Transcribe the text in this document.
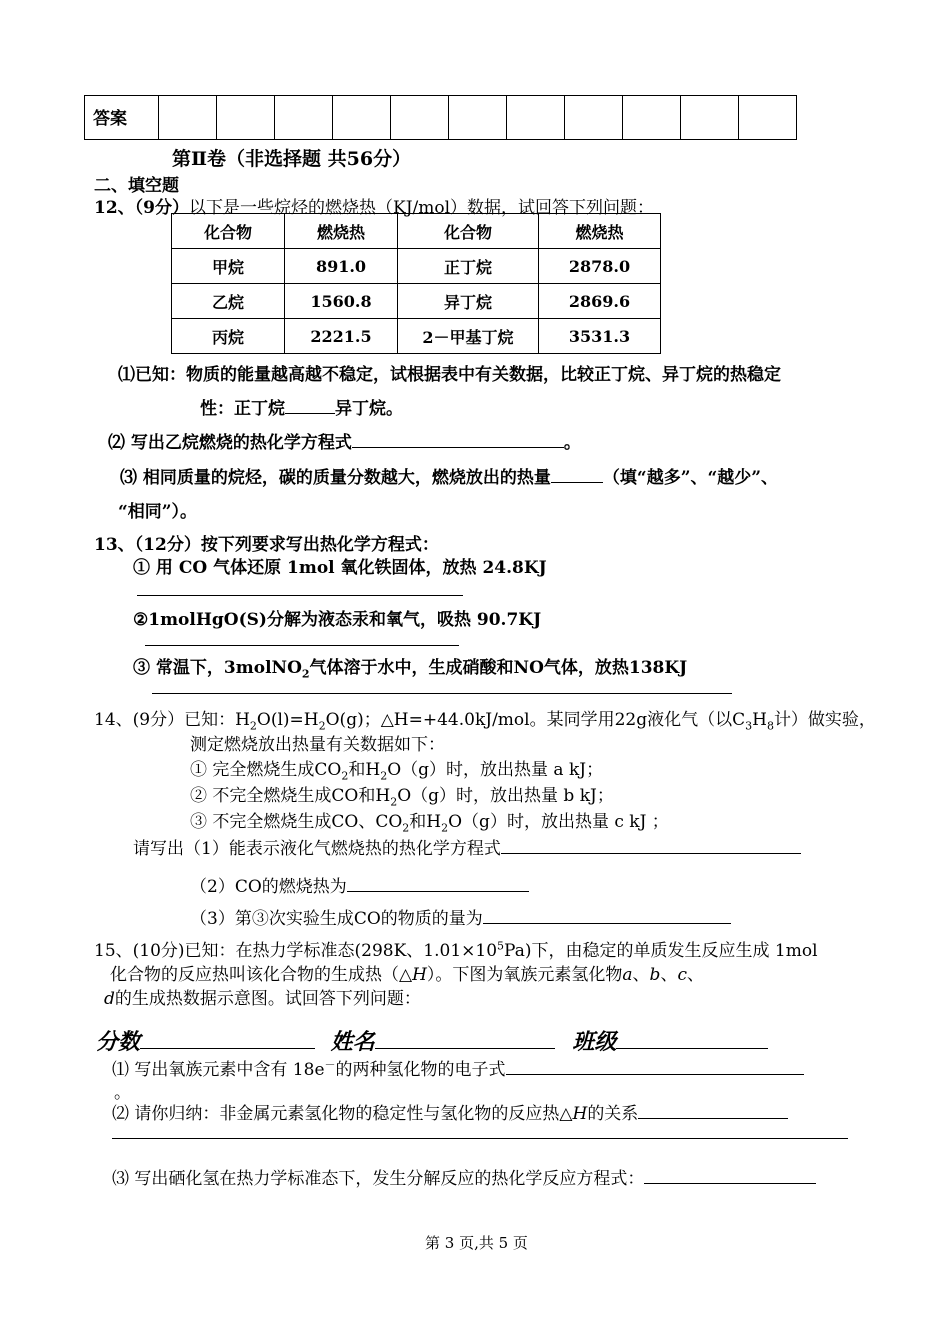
答案											
第Ⅱ卷（非选择题 共56分）
二、填空题
12、（9分）以下是一些烷烃的燃烧热（KJ/mol）数据，试回答下列问题：
化合物	燃烧热	化合物	燃烧热
甲烷	891.0	正丁烷	2878.0
乙烷	1560.8	异丁烷	2869.6
丙烷	2221.5	2－甲基丁烷	3531.3
⑴已知：物质的能量越高越不稳定，试根据表中有关数据，比较正丁烷、异丁烷的热稳定
性：正丁烷	异丁烷。
⑵ 写出乙烷燃烧的热化学方程式	。
⑶ 相同质量的烷烃，碳的质量分数越大，燃烧放出的热量	（填“越多”、“越少”、
“相同”）。
13、（12分）按下列要求写出热化学方程式：
① 用 CO 气体还原 1mol 氧化铁固体，放热 24.8KJ
②1molHgO(S)分解为液态汞和氧气，吸热 90.7KJ
③ 常温下，3molNO$_2$气体溶于水中，生成硝酸和NO气体，放热138KJ
14、(9分）已知：$H_2O(l)=H_2O(g)$；△H=+44.0kJ/mol。某同学用22g液化气（以$C_3H_8$计）做实验，
测定燃烧放出热量有关数据如下：
① 完全燃烧生成$CO_2$和$H_2O(g)$时，放出热量 a kJ；
② 不完全燃烧生成CO和$H_2O(g)$时，放出热量 b kJ；
③ 不完全燃烧生成CO、$CO_2$和$H_2O(g)$时，放出热量 c kJ ；
请写出（1）能表示液化气燃烧热的热化学方程式
（2）CO的燃烧热为
（3）第③次实验生成CO的物质的量为
15、(10分)已知：在热力学标准态(298K、$1.01\times 10^5Pa$)下，由稳定的单质发生反应生成 1mol
化合物的反应热叫该化合物的生成热（△H）。下图为氧族元素氢化物a、b、c、
d的生成热数据示意图。试回答下列问题：
分数	姓名	班级
⑴ 写出氧族元素中含有 18e－的两种氢化物的电子式
。
⑵ 请你归纳：非金属元素氢化物的稳定性与氢化物的反应热△H的关系
⑶ 写出硒化氢在热力学标准态下，发生分解反应的热化学反应方程式：
第 3 页,共 5 页
